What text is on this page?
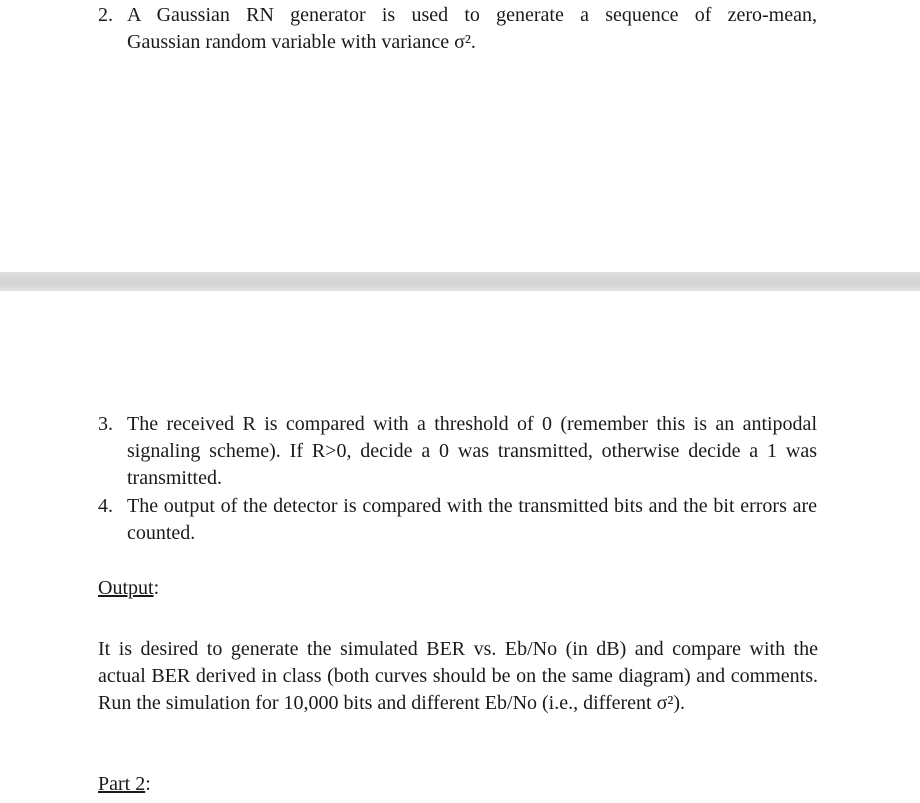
2. A Gaussian RN generator is used to generate a sequence of zero-mean,

Gaussian random variable with variance σ².

3. The received R is compared with a threshold of 0 (remember this is an antipodal signaling scheme). If R>0, decide a 0 was transmitted, otherwise decide a 1 was transmitted.

4. The output of the detector is compared with the transmitted bits and the bit errors are counted.

Output:

It is desired to generate the simulated BER vs. Eb/No (in dB) and compare with the actual BER derived in class (both curves should be on the same diagram) and comments. Run the simulation for 10,000 bits and different Eb/No (i.e., different σ²).

Part 2:
